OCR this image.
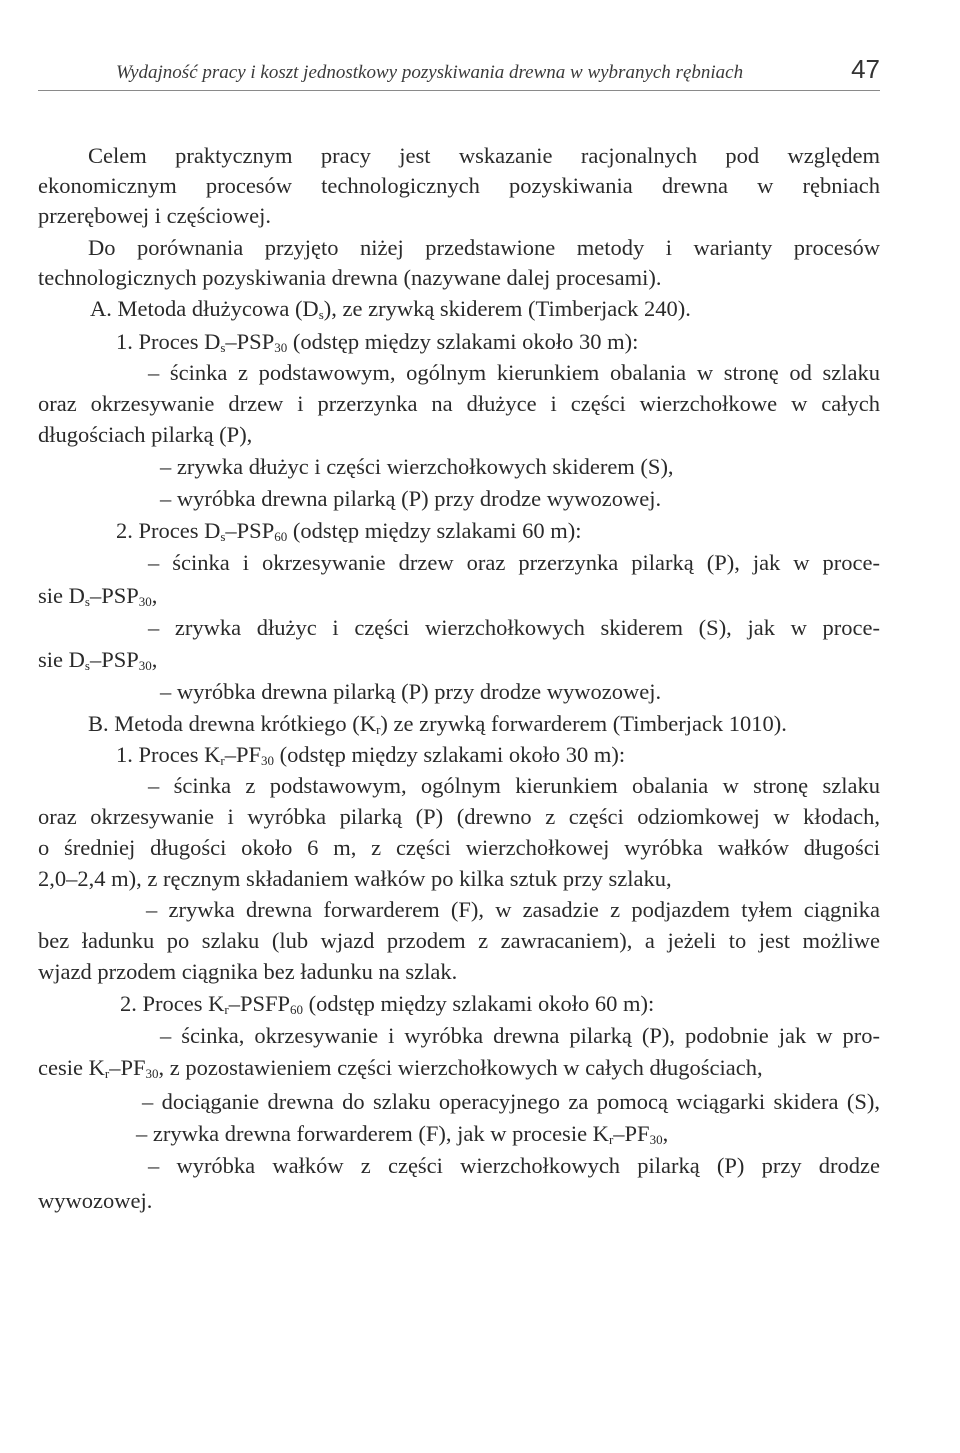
Wydajność pracy i koszt jednostkowy pozyskiwania drewna w wybranych rębniach	47
Celem praktycznym pracy jest wskazanie racjonalnych pod względem
ekonomicznym procesów technologicznych pozyskiwania drewna w rębniach
przerębowej i częściowej.
Do porównania przyjęto niżej przedstawione metody i warianty procesów
technologicznych pozyskiwania drewna (nazywane dalej procesami).
A. Metoda dłużycowa $(D_s)$, ze zrywką skiderem (Timberjack 240).
1. Proces $D_s-PSP_{30}$ (odstęp między szlakami około 30 m):
– ścinka z podstawowym, ogólnym kierunkiem obalania w stronę od szlaku
oraz okrzesywanie drzew i przerzynka na dłużyce i części wierzchołkowe w całych
długościach pilarką (P),
– zrywka dłużyc i części wierzchołkowych skiderem (S),
– wyróbka drewna pilarką (P) przy drodze wywozowej.
2. Proces $D_s-PSP_{60}$ (odstęp między szlakami 60 m):
– ścinka i okrzesywanie drzew oraz przerzynka pilarką (P), jak w proce-
sie $D_s-PSP_{30}$,
– zrywka dłużyc i części wierzchołkowych skiderem (S), jak w proce-
sie $D_s-PSP_{30}$,
– wyróbka drewna pilarką (P) przy drodze wywozowej.
B. Metoda drewna krótkiego $(K_r)$ ze zrywką forwarderem (Timberjack 1010).
1. Proces $K_r-PF_{30}$ (odstęp między szlakami około 30 m):
– ścinka z podstawowym, ogólnym kierunkiem obalania w stronę szlaku
oraz okrzesywanie i wyróbka pilarką (P) (drewno z części odziomkowej w kłodach,
o średniej długości około 6 m, z części wierzchołkowej wyróbka wałków długości
2,0–2,4 m), z ręcznym składaniem wałków po kilka sztuk przy szlaku,
– zrywka drewna forwarderem (F), w zasadzie z podjazdem tyłem ciągnika
bez ładunku po szlaku (lub wjazd przodem z zawracaniem), a jeżeli to jest możliwe
wjazd przodem ciągnika bez ładunku na szlak.
2. Proces $K_r-PSFP_{60}$ (odstęp między szlakami około 60 m):
– ścinka, okrzesywanie i wyróbka drewna pilarką (P), podobnie jak w pro-
cesie $K_r-PF_{30}$, z pozostawieniem części wierzchołkowych w całych długościach,
– dociąganie drewna do szlaku operacyjnego za pomocą wciągarki skidera (S),
– zrywka drewna forwarderem (F), jak w procesie $K_r-PF_{30}$,
– wyróbka wałków z części wierzchołkowych pilarką (P) przy drodze
wywozowej.
